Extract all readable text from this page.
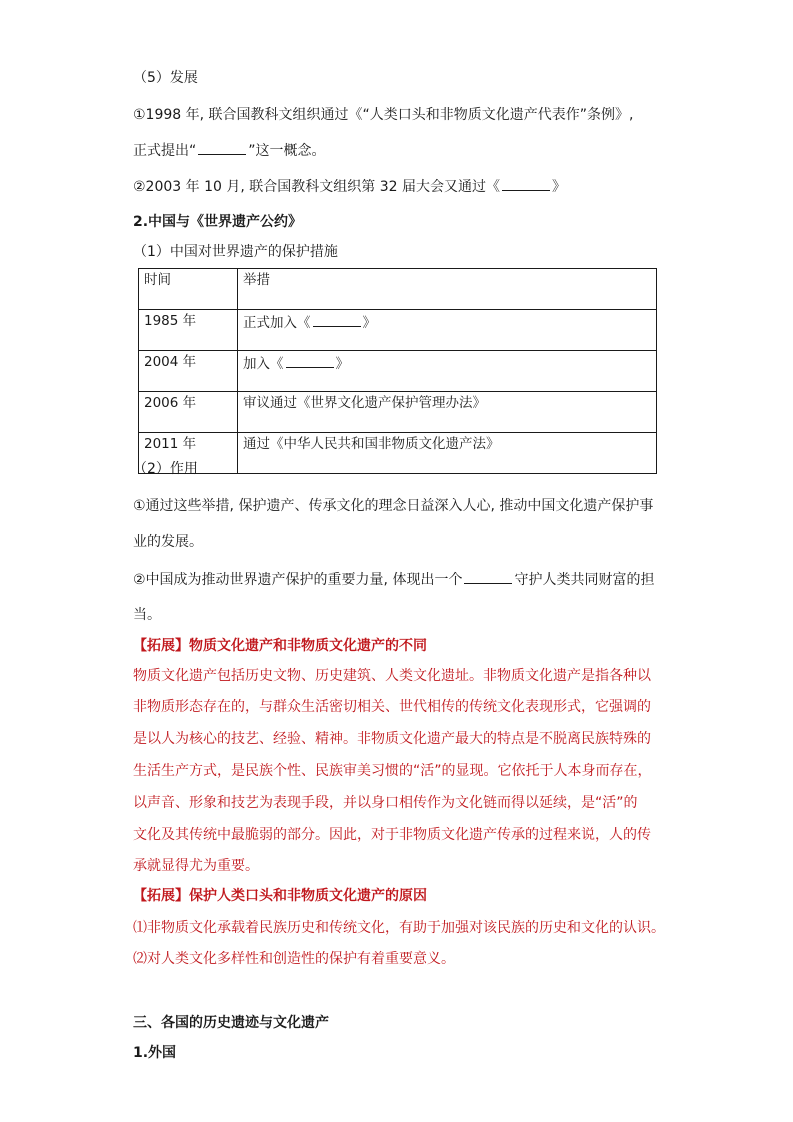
（5）发展
①1998 年, 联合国教科文组织通过《“人类口头和非物质文化遗产代表作”条例》,
正式提出“	”这一概念。
②2003 年 10 月, 联合国教科文组织第 32 届大会又通过《	》
2.中国与《世界遗产公约》
（1）中国对世界遗产的保护措施
时间	举措
1985 年	正式加入《 》
2004 年	加入《 》
2006 年	审议通过《世界文化遗产保护管理办法》
2011 年	通过《中华人民共和国非物质文化遗产法》
（2）作用
①通过这些举措, 保护遗产、传承文化的理念日益深入人心, 推动中国文化遗产保护事
业的发展。
②中国成为推动世界遗产保护的重要力量, 体现出一个	守护人类共同财富的担
当。
【拓展】物质文化遗产和非物质文化遗产的不同
物质文化遗产包括历史文物、历史建筑、人类文化遗址。非物质文化遗产是指各种以
非物质形态存在的，与群众生活密切相关、世代相传的传统文化表现形式，它强调的
是以人为核心的技艺、经验、精神。非物质文化遗产最大的特点是不脱离民族特殊的
生活生产方式，是民族个性、民族审美习惯的“活”的显现。它依托于人本身而存在，
以声音、形象和技艺为表现手段，并以身口相传作为文化链而得以延续，是“活”的
文化及其传统中最脆弱的部分。因此，对于非物质文化遗产传承的过程来说，人的传
承就显得尤为重要。
【拓展】保护人类口头和非物质文化遗产的原因
⑴非物质文化承载着民族历史和传统文化，有助于加强对该民族的历史和文化的认识。
⑵对人类文化多样性和创造性的保护有着重要意义。
三、各国的历史遗迹与文化遗产
1.外国
